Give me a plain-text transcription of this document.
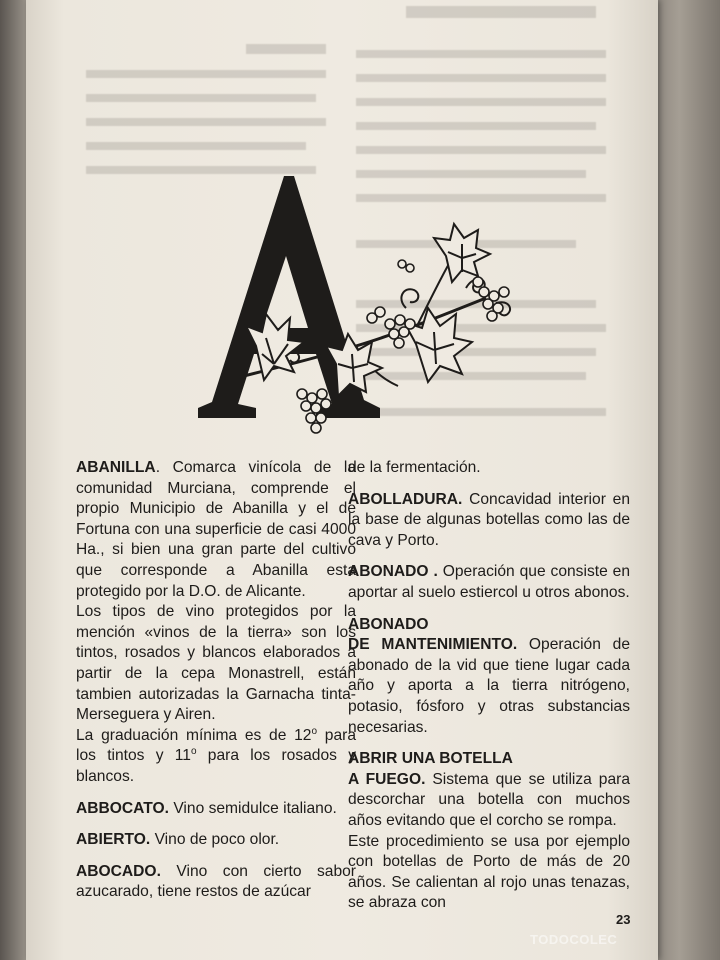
ABANILLA. Comarca vinícola de la comunidad Murciana, comprende el propio Municipio de Abanilla y el de Fortuna con una superficie de casi 4000 Ha., si bien una gran parte del cultivo que corresponde a Abanilla esta protegido por la D.O. de Alicante.

Los tipos de vino protegidos por la mención «vinos de la tierra» son los tintos, rosados y blancos elaborados a partir de la cepa Monastrell, están tambien autorizadas la Garnacha tinta-Merseguera y Airen.

La graduación mínima es de 12$^o$ para los tintos y 11$^o$ para los rosados y blancos.

ABBOCATO. Vino semidulce italiano.

ABIERTO. Vino de poco olor.

ABOCADO. Vino con cierto sabor azucarado, tiene restos de azúcar

de la fermentación.

ABOLLADURA. Concavidad interior en la base de algunas botellas como las de cava y Porto.

ABONADO . Operación que consiste en aportar al suelo estiercol u otros abonos.

ABONADO

DE MANTENIMIENTO. Operación de abonado de la vid que tiene lugar cada año y aporta a la tierra nitrógeno, potasio, fósforo y otras substancias necesarias.

ABRIR UNA BOTELLA

A FUEGO. Sistema que se utiliza para descorchar una botella con muchos años evitando que el corcho se rompa.

Este procedimiento se usa por ejemplo con botellas de Porto de más de 20 años. Se calientan al rojo unas tenazas, se abraza con

23
TODOCOLEC
